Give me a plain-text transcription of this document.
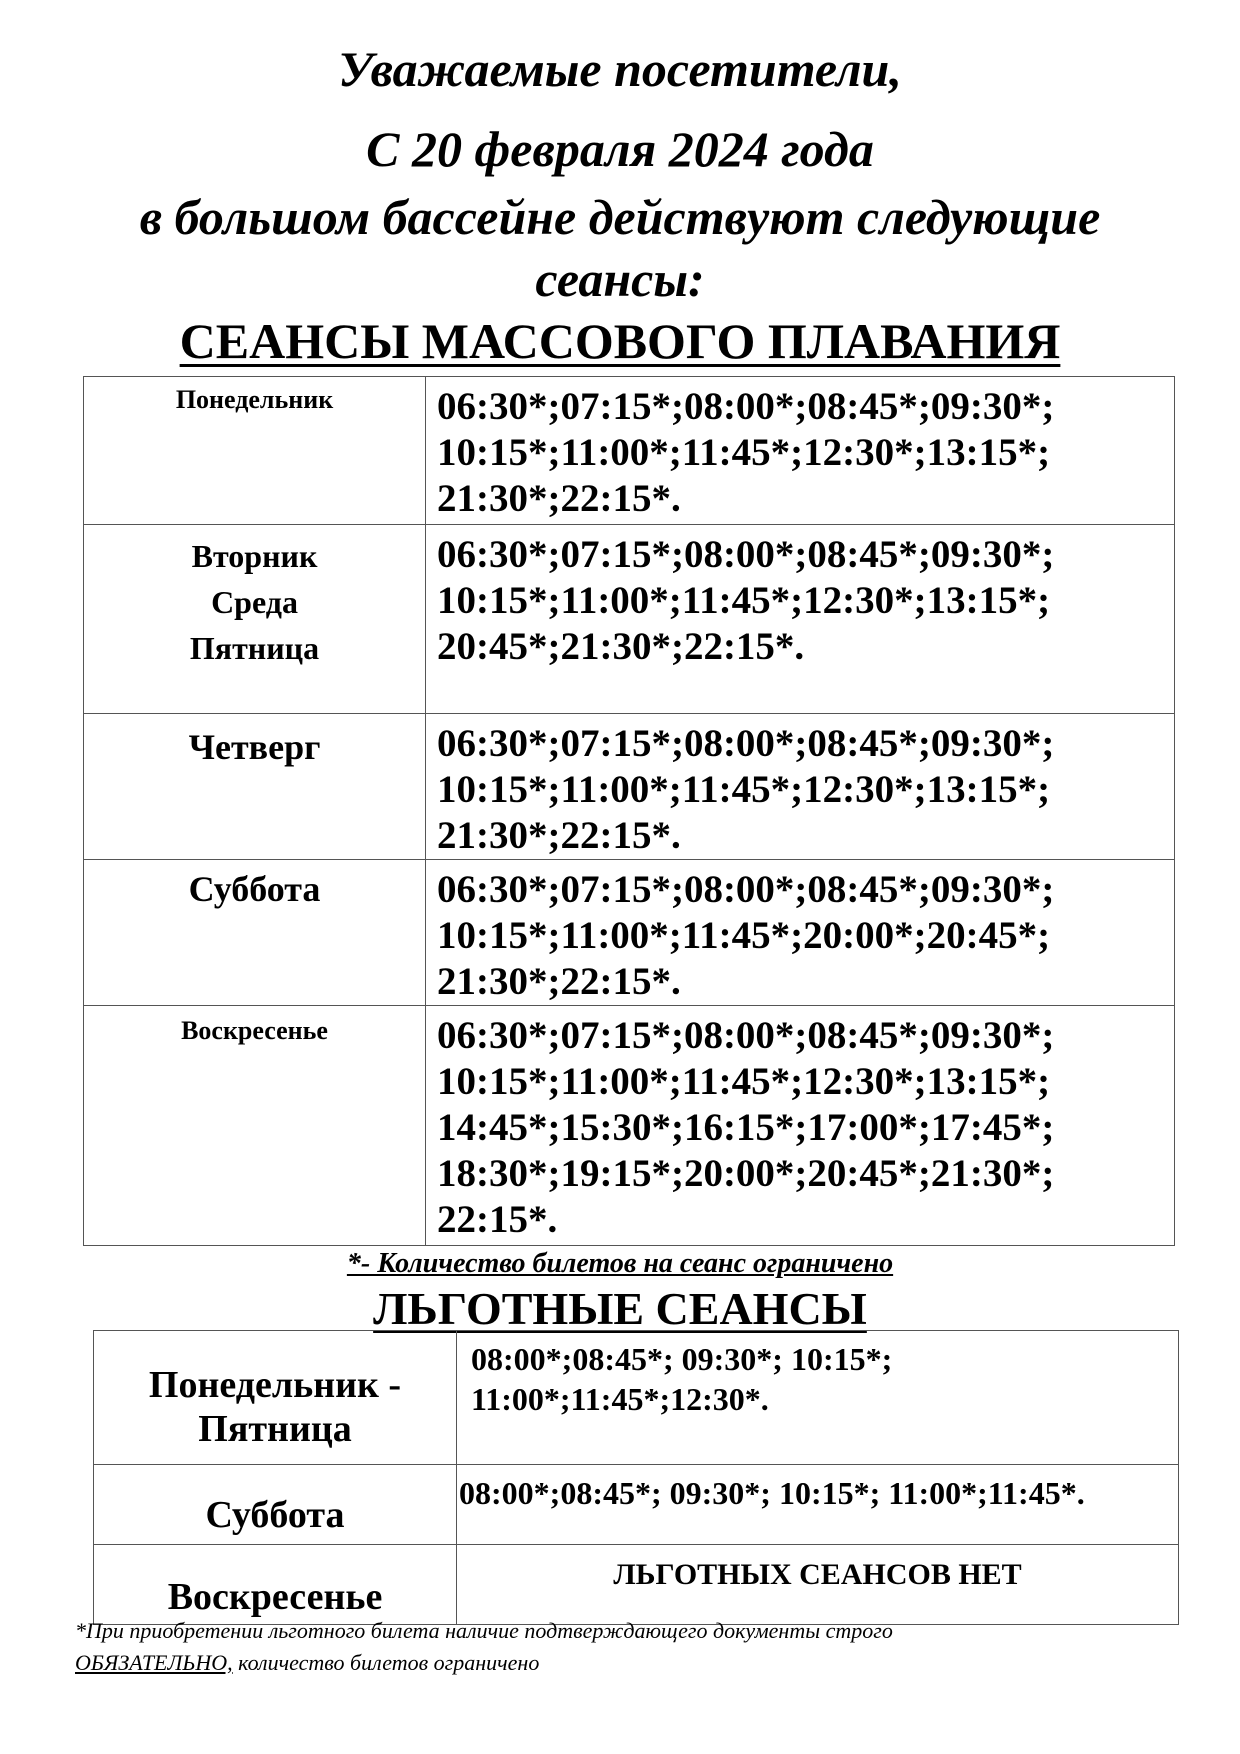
Уважаемые посетители,
С 20 февраля 2024 года
в большом бассейне действуют следующие
сеансы:
СЕАНСЫ МАССОВОГО ПЛАВАНИЯ
Понедельник	06:30*;07:15*;08:00*;08:45*;09:30*;
10:15*;11:00*;11:45*;12:30*;13:15*;
21:30*;22:15*.

Вторник
Среда
Пятница	06:30*;07:15*;08:00*;08:45*;09:30*;
10:15*;11:00*;11:45*;12:30*;13:15*;
20:45*;21:30*;22:15*.

Четверг	06:30*;07:15*;08:00*;08:45*;09:30*;
10:15*;11:00*;11:45*;12:30*;13:15*;
21:30*;22:15*.

Суббота	06:30*;07:15*;08:00*;08:45*;09:30*;
10:15*;11:00*;11:45*;20:00*;20:45*;
21:30*;22:15*.

Воскресенье	06:30*;07:15*;08:00*;08:45*;09:30*;
10:15*;11:00*;11:45*;12:30*;13:15*;
14:45*;15:30*;16:15*;17:00*;17:45*;
18:30*;19:15*;20:00*;20:45*;21:30*;
22:15*.
*- Количество билетов на сеанс ограничено
ЛЬГОТНЫЕ СЕАНСЫ
Понедельник -
Пятница	08:00*;08:45*; 09:30*; 10:15*;
11:00*;11:45*;12:30*.

Суббота	08:00*;08:45*; 09:30*; 10:15*; 11:00*;11:45*.

Воскресенье	ЛЬГОТНЫХ СЕАНСОВ НЕТ
*При приобретении льготного билета наличие подтверждающего документы строго
ОБЯЗАТЕЛЬНО, количество билетов ограничено
